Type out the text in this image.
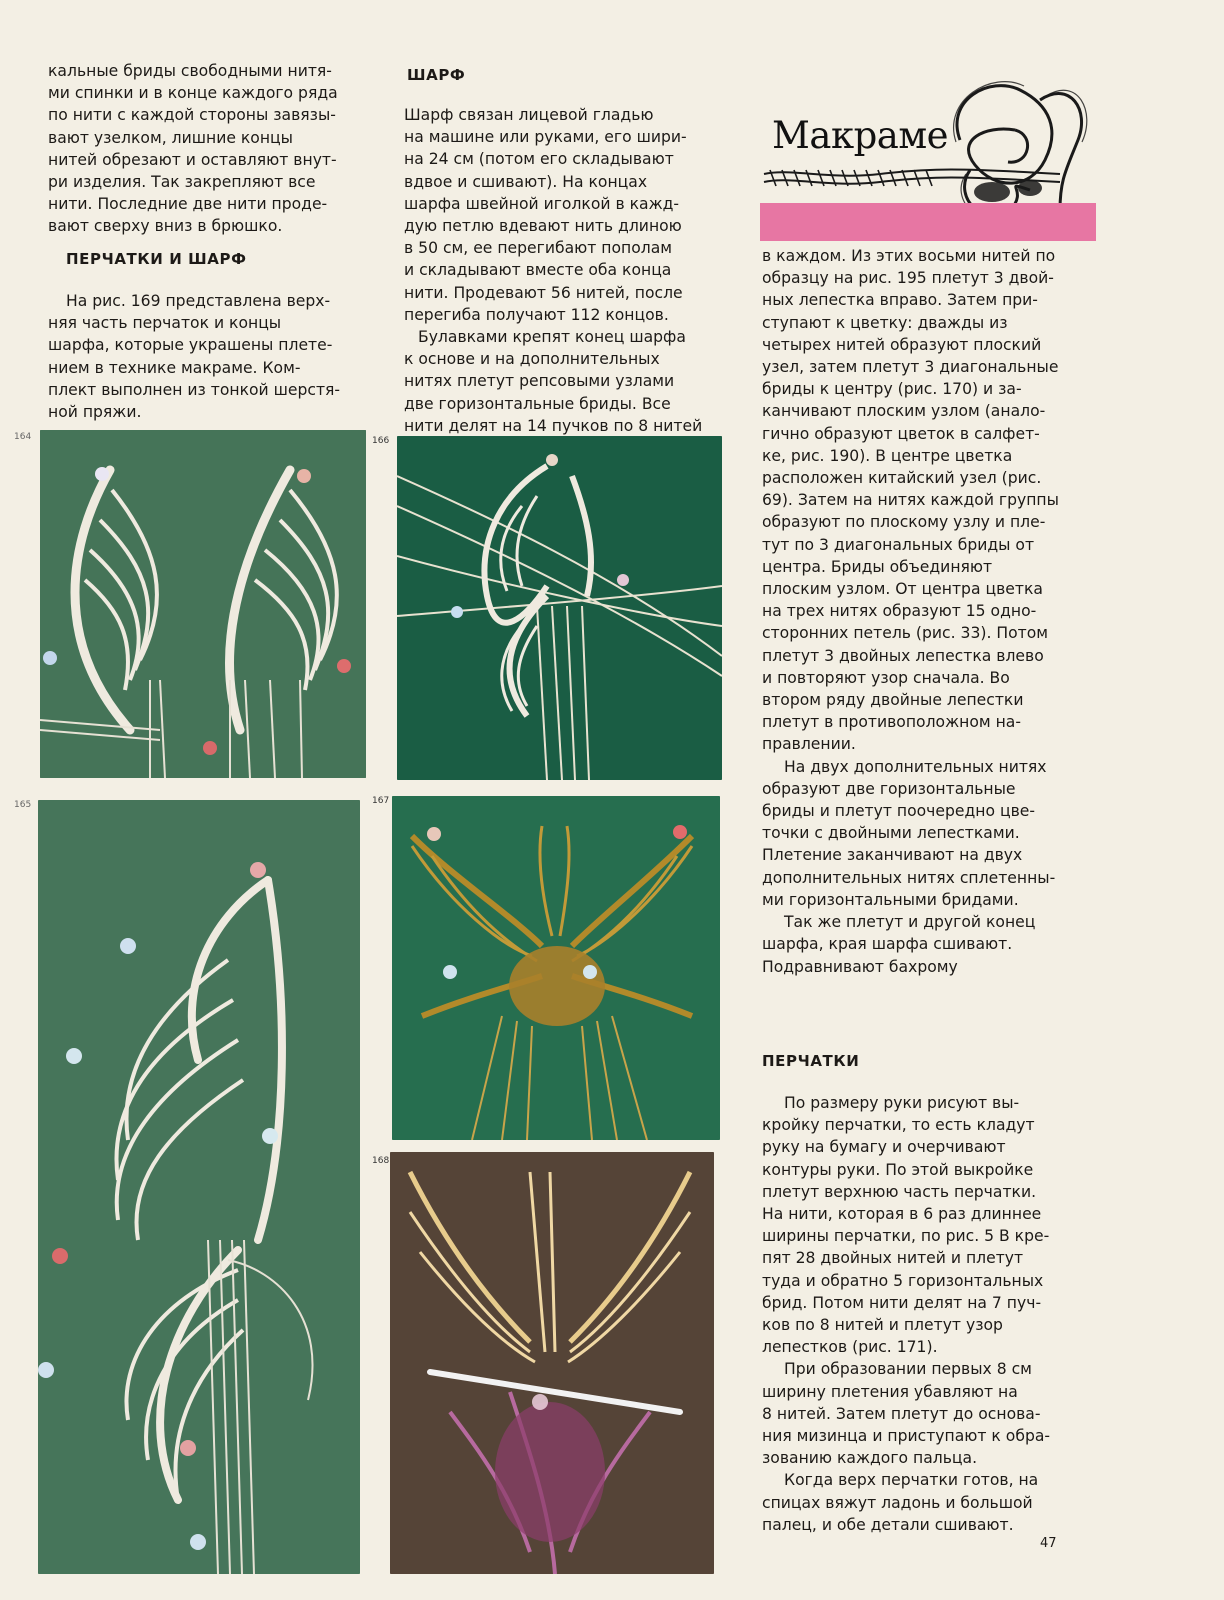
кальные бриды свободными нитя-
ми спинки и в конце каждого ряда
по нити с каждой стороны завязы-
вают узелком, лишние концы
нитей обрезают и оставляют внут-
ри изделия. Так закрепляют все
нити. Последние две нити проде-
вают сверху вниз в брюшко.
ПЕРЧАТКИ И ШАРФ
На рис. 169 представлена верх-
няя часть перчаток и концы
шарфа, которые украшены плете-
нием в технике макраме. Ком-
плект выполнен из тонкой шерстя-
ной пряжи.
ШАРФ
Шарф связан лицевой гладью
на машине или руками, его шири-
на 24 см (потом его складывают
вдвое и сшивают). На концах
шарфа швейной иголкой в кажд-
дую петлю вдевают нить длиною
в 50 см, ее перегибают пополам
и складывают вместе оба конца
нити. Продевают 56 нитей, после
перегиба получают 112 концов.
Булавками крепят конец шарфа
к основе и на дополнительных
нитях плетут репсовыми узлами
две горизонтальные бриды. Все
нити делят на 14 пучков по 8 нитей
Макраме
в каждом. Из этих восьми нитей по
образцу на рис. 195 плетут 3 двой-
ных лепестка вправо. Затем при-
ступают к цветку: дважды из
четырех нитей образуют плоский
узел, затем плетут 3 диагональные
бриды к центру (рис. 170) и за-
канчивают плоским узлом (анало-
гично образуют цветок в салфет-
ке, рис. 190). В центре цветка
расположен китайский узел (рис.
69). Затем на нитях каждой группы
образуют по плоскому узлу и пле-
тут по 3 диагональных бриды от
центра. Бриды объединяют
плоским узлом. От центра цветка
на трех нитях образуют 15 одно-
сторонних петель (рис. 33). Потом
плетут 3 двойных лепестка влево
и повторяют узор сначала. Во
втором ряду двойные лепестки
плетут в противоположном на-
правлении.
На двух дополнительных нитях
образуют две горизонтальные
бриды и плетут поочередно цве-
точки с двойными лепестками.
Плетение заканчивают на двух
дополнительных нитях сплетенны-
ми горизонтальными бридами.
Так же плетут и другой конец
шарфа, края шарфа сшивают.
Подравнивают бахрому
ПЕРЧАТКИ
По размеру руки рисуют вы-
кройку перчатки, то есть кладут
руку на бумагу и очерчивают
контуры руки. По этой выкройке
плетут верхнюю часть перчатки.
На нити, которая в 6 раз длиннее
ширины перчатки, по рис. 5 В кре-
пят 28 двойных нитей и плетут
туда и обратно 5 горизонтальных
брид. Потом нити делят на 7 пуч-
ков по 8 нитей и плетут узор
лепестков (рис. 171).
При образовании первых 8 см
ширину плетения убавляют на
8 нитей. Затем плетут до основа-
ния мизинца и приступают к обра-
зованию каждого пальца.
Когда верх перчатки готов, на
спицах вяжут ладонь и большой
палец, и обе детали сшивают.
164	166
165	167
168
47
